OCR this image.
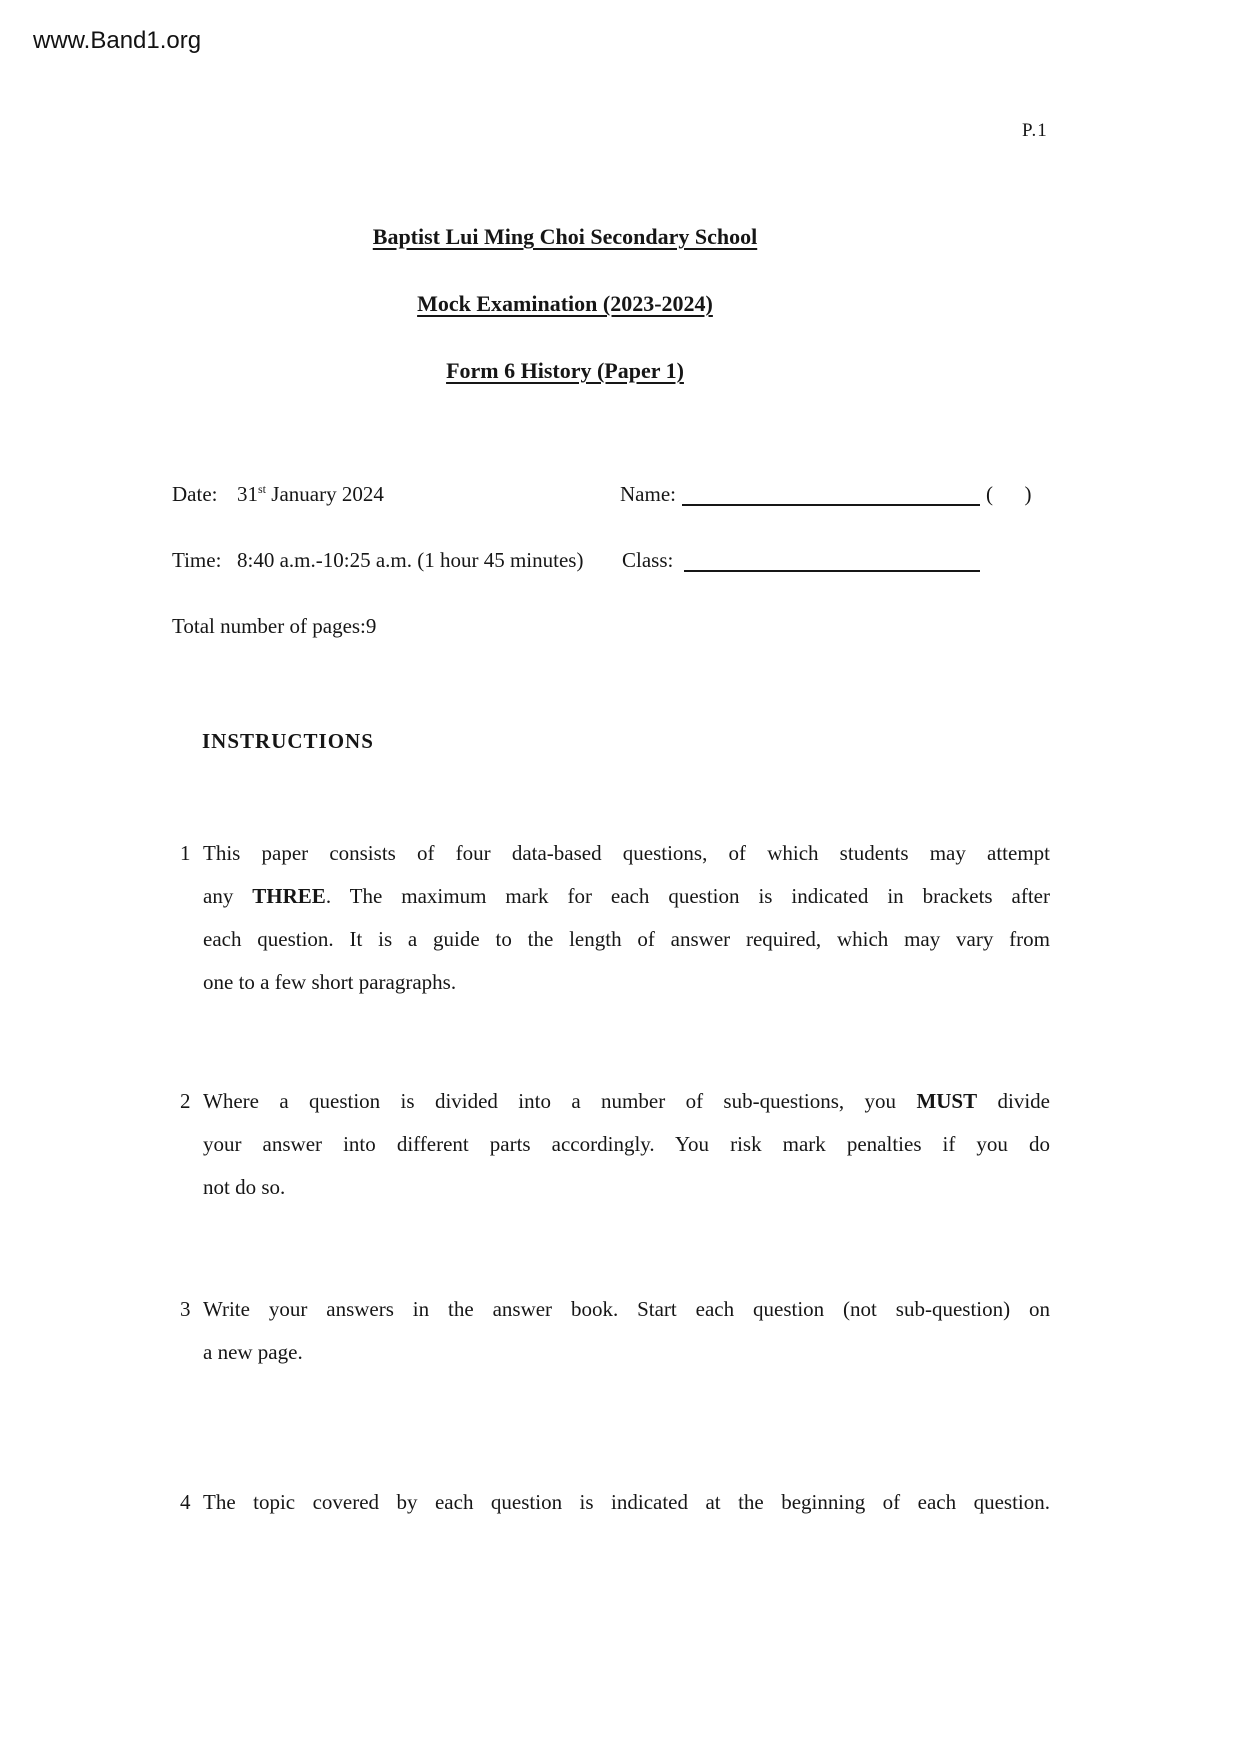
www.Band1.org
P.1
Baptist Lui Ming Choi Secondary School
Mock Examination (2023-2024)
Form 6 History (Paper 1)
Date: 31st January 2024	Name:	(      )
Time: 8:40 a.m.-10:25 a.m. (1 hour 45 minutes) Class:
Total number of pages:9
INSTRUCTIONS
1 This paper consists of four data-based questions, of which students may attempt
any THREE. The maximum mark for each question is indicated in brackets after
each question. It is a guide to the length of answer required, which may vary from
one to a few short paragraphs.
2 Where a question is divided into a number of sub-questions, you MUST divide
your answer into different parts accordingly. You risk mark penalties if you do
not do so.
3 Write your answers in the answer book. Start each question (not sub-question) on
a new page.
4 The topic covered by each question is indicated at the beginning of each question.
